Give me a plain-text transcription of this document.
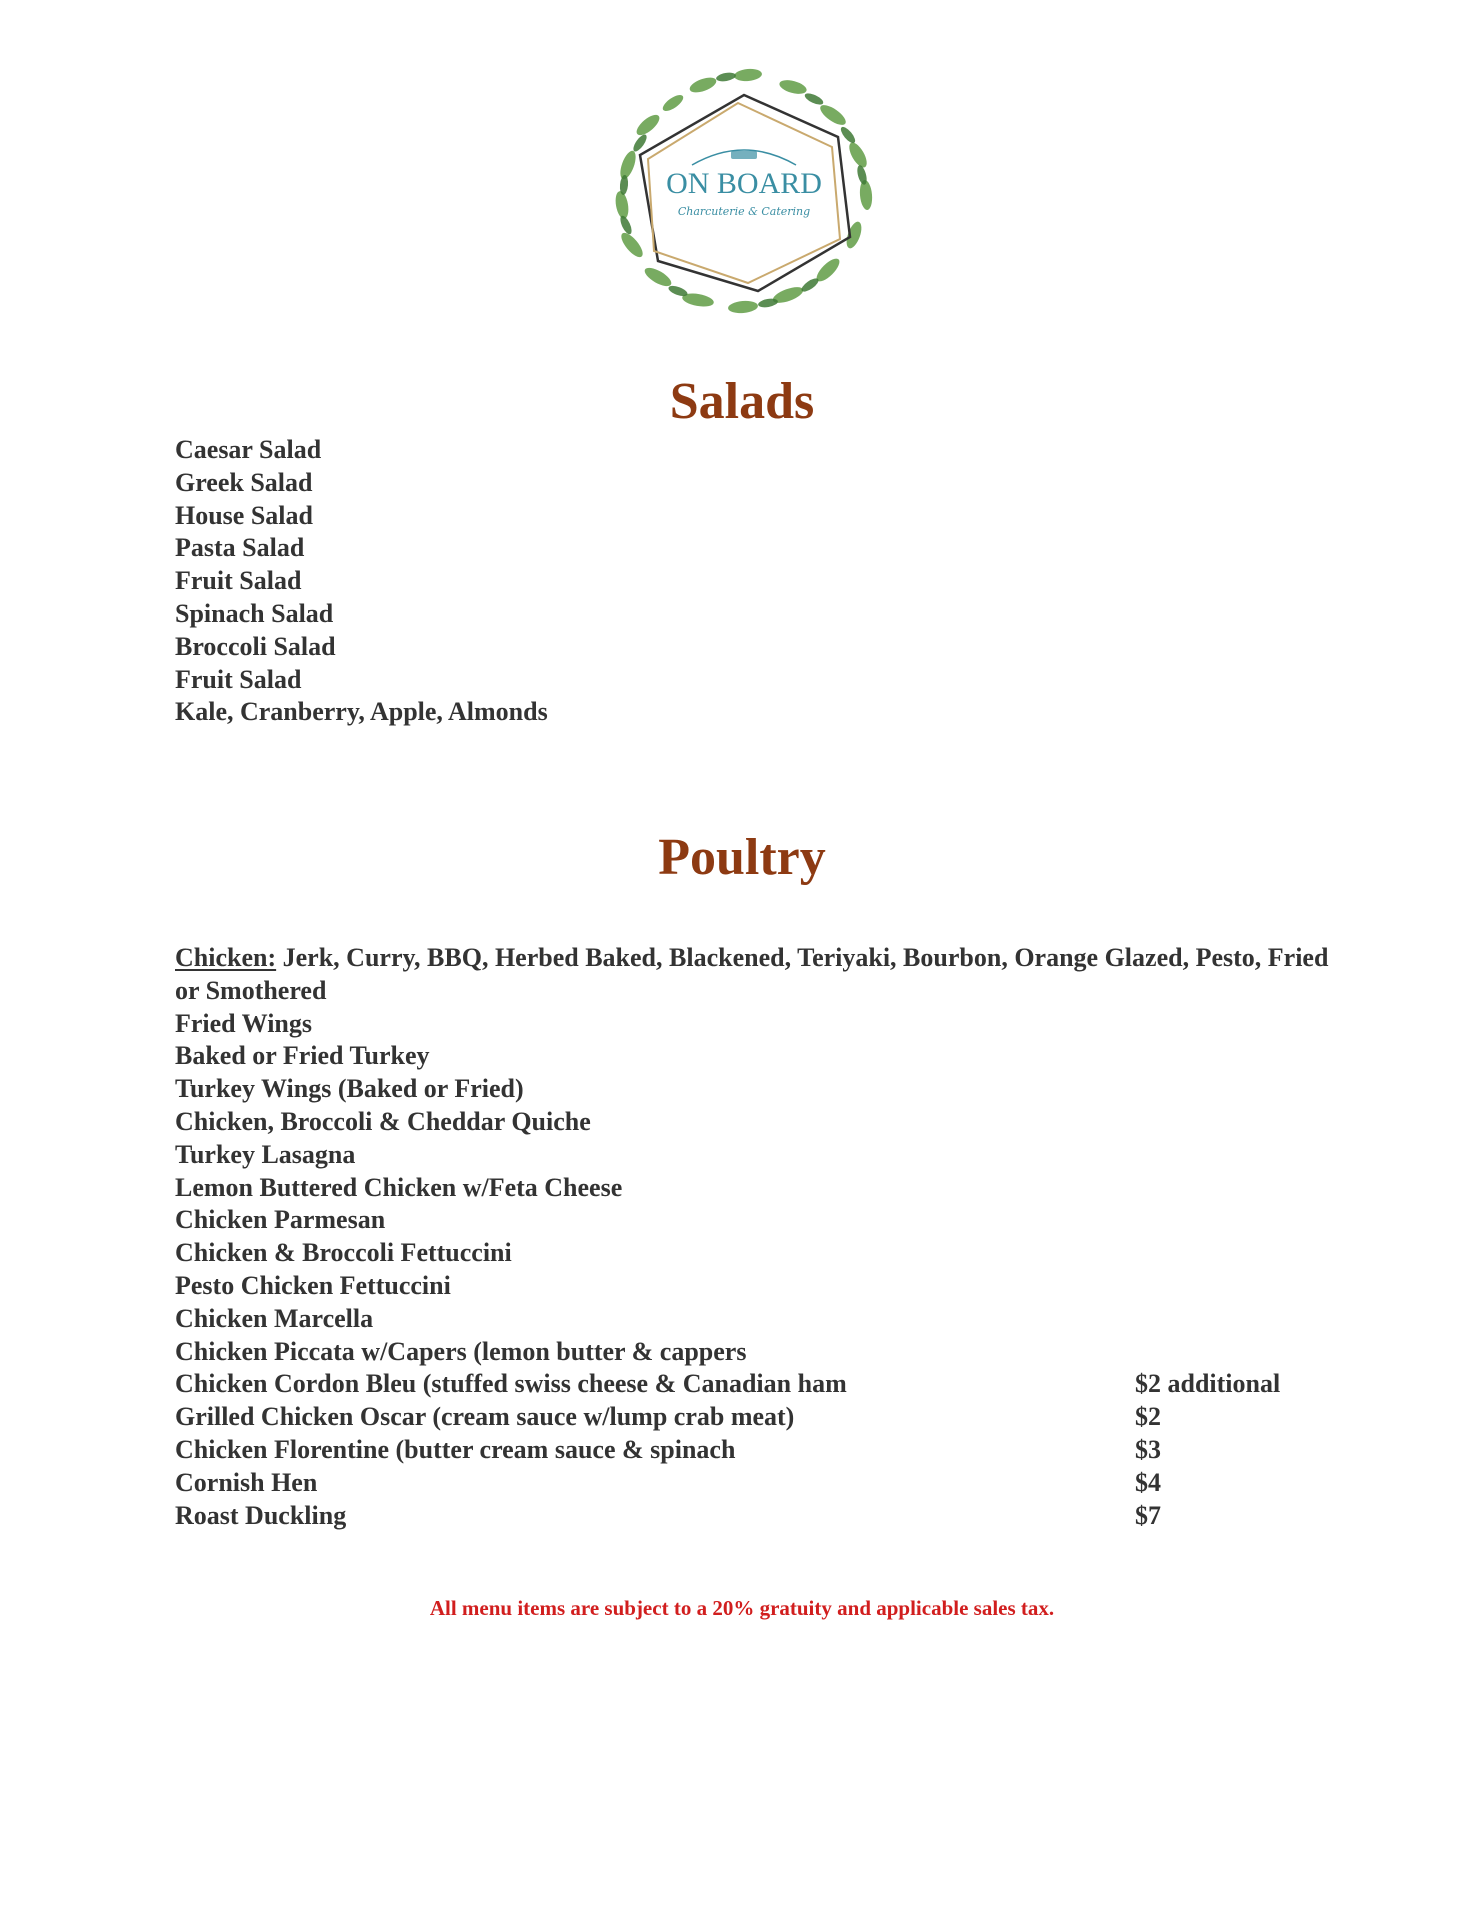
ON BOARD
Charcuterie & Catering
Salads
Caesar Salad
Greek Salad
House Salad
Pasta Salad
Fruit Salad
Spinach Salad
Broccoli Salad
Fruit Salad
Kale, Cranberry, Apple, Almonds
Poultry
Chicken: Jerk, Curry, BBQ, Herbed Baked, Blackened, Teriyaki, Bourbon, Orange Glazed, Pesto, Fried or Smothered
Fried Wings
Baked or Fried Turkey
Turkey Wings (Baked or Fried)
Chicken, Broccoli & Cheddar Quiche
Turkey Lasagna
Lemon Buttered Chicken w/Feta Cheese
Chicken Parmesan
Chicken & Broccoli Fettuccini
Pesto Chicken Fettuccini
Chicken Marcella
Chicken Piccata w/Capers (lemon butter & cappers
Chicken Cordon Bleu (stuffed swiss cheese & Canadian ham	$2 additional
Grilled Chicken Oscar (cream sauce w/lump crab meat)	$2
Chicken Florentine (butter cream sauce & spinach	$3
Cornish Hen	$4
Roast Duckling	$7
All menu items are subject to a 20% gratuity and applicable sales tax.
